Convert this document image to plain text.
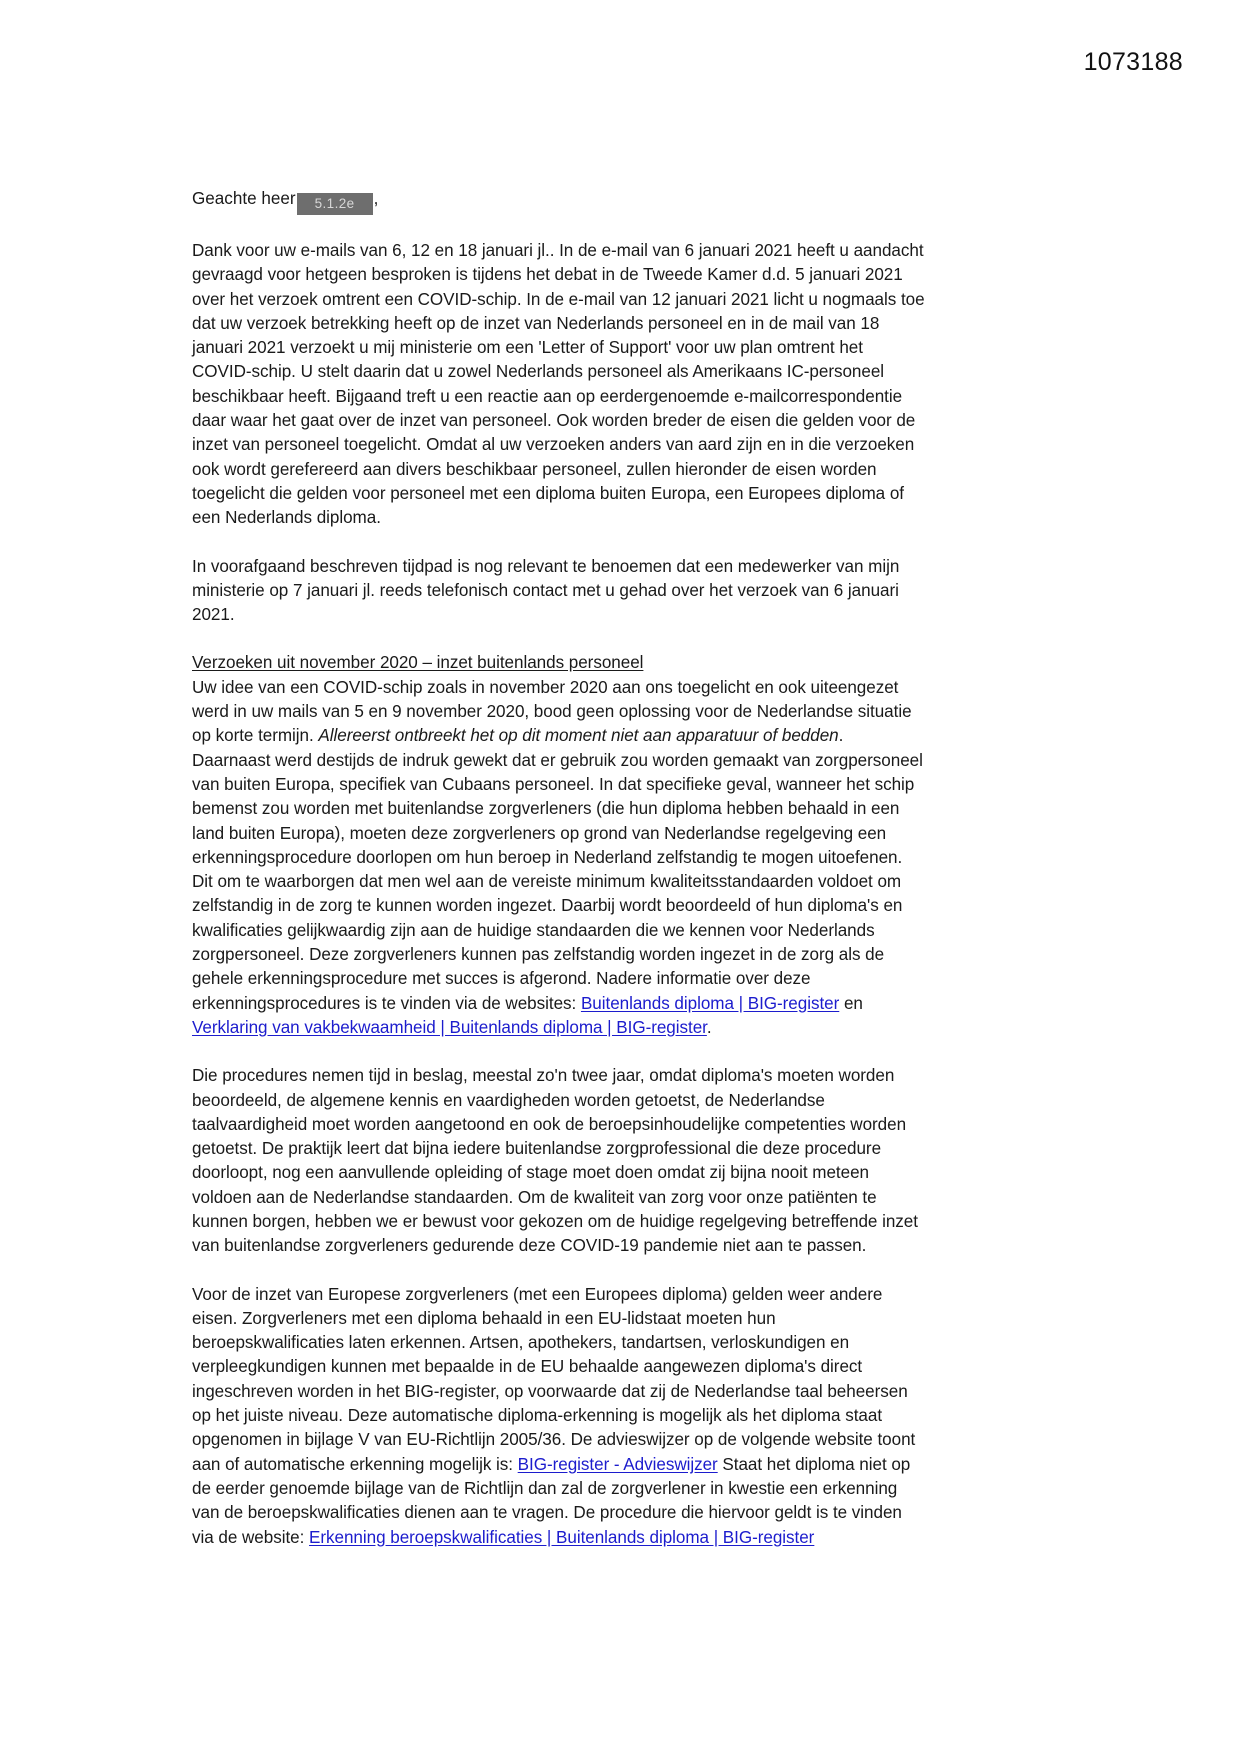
1073188
Geachte heer 5.1.2e ,

Dank voor uw e-mails van 6, 12 en 18 januari jl.. In de e-mail van 6 januari 2021 heeft u aandacht gevraagd voor hetgeen besproken is tijdens het debat in de Tweede Kamer d.d. 5 januari 2021 over het verzoek omtrent een COVID-schip. In de e-mail van 12 januari 2021 licht u nogmaals toe dat uw verzoek betrekking heeft op de inzet van Nederlands personeel en in de mail van 18 januari 2021 verzoekt u mij ministerie om een 'Letter of Support' voor uw plan omtrent het COVID-schip. U stelt daarin dat u zowel Nederlands personeel als Amerikaans IC-personeel beschikbaar heeft. Bijgaand treft u een reactie aan op eerdergenoemde e-mailcorrespondentie daar waar het gaat over de inzet van personeel. Ook worden breder de eisen die gelden voor de inzet van personeel toegelicht. Omdat al uw verzoeken anders van aard zijn en in die verzoeken ook wordt gerefereerd aan divers beschikbaar personeel, zullen hieronder de eisen worden toegelicht die gelden voor personeel met een diploma buiten Europa, een Europees diploma of een Nederlands diploma.

In voorafgaand beschreven tijdpad is nog relevant te benoemen dat een medewerker van mijn ministerie op 7 januari jl. reeds telefonisch contact met u gehad over het verzoek van 6 januari 2021.

Verzoeken uit november 2020 – inzet buitenlands personeel

Uw idee van een COVID-schip zoals in november 2020 aan ons toegelicht en ook uiteengezet werd in uw mails van 5 en 9 november 2020, bood geen oplossing voor de Nederlandse situatie op korte termijn. Allereerst ontbreekt het op dit moment niet aan apparatuur of bedden. Daarnaast werd destijds de indruk gewekt dat er gebruik zou worden gemaakt van zorgpersoneel van buiten Europa, specifiek van Cubaans personeel. In dat specifieke geval, wanneer het schip bemenst zou worden met buitenlandse zorgverleners (die hun diploma hebben behaald in een land buiten Europa), moeten deze zorgverleners op grond van Nederlandse regelgeving een erkenningsprocedure doorlopen om hun beroep in Nederland zelfstandig te mogen uitoefenen. Dit om te waarborgen dat men wel aan de vereiste minimum kwaliteitsstandaarden voldoet om zelfstandig in de zorg te kunnen worden ingezet. Daarbij wordt beoordeeld of hun diploma's en kwalificaties gelijkwaardig zijn aan de huidige standaarden die we kennen voor Nederlands zorgpersoneel. Deze zorgverleners kunnen pas zelfstandig worden ingezet in de zorg als de gehele erkenningsprocedure met succes is afgerond. Nadere informatie over deze erkenningsprocedures is te vinden via de websites: Buitenlands diploma | BIG-register en Verklaring van vakbekwaamheid | Buitenlands diploma | BIG-register.

Die procedures nemen tijd in beslag, meestal zo'n twee jaar, omdat diploma's moeten worden beoordeeld, de algemene kennis en vaardigheden worden getoetst, de Nederlandse taalvaardigheid moet worden aangetoond en ook de beroepsinhoudelijke competenties worden getoetst. De praktijk leert dat bijna iedere buitenlandse zorgprofessional die deze procedure doorloopt, nog een aanvullende opleiding of stage moet doen omdat zij bijna nooit meteen voldoen aan de Nederlandse standaarden. Om de kwaliteit van zorg voor onze patiënten te kunnen borgen, hebben we er bewust voor gekozen om de huidige regelgeving betreffende inzet van buitenlandse zorgverleners gedurende deze COVID-19 pandemie niet aan te passen.

Voor de inzet van Europese zorgverleners (met een Europees diploma) gelden weer andere eisen. Zorgverleners met een diploma behaald in een EU-lidstaat moeten hun beroepskwalificaties laten erkennen. Artsen, apothekers, tandartsen, verloskundigen en verpleegkundigen kunnen met bepaalde in de EU behaalde aangewezen diploma's direct ingeschreven worden in het BIG-register, op voorwaarde dat zij de Nederlandse taal beheersen op het juiste niveau. Deze automatische diploma-erkenning is mogelijk als het diploma staat opgenomen in bijlage V van EU-Richtlijn 2005/36. De advieswijzer op de volgende website toont aan of automatische erkenning mogelijk is: BIG-register - Adviesw​ijzer Staat het diploma niet op de eerder genoemde bijlage van de Richtlijn dan zal de zorgverlener in kwestie een erkenning van de beroepskwalificaties dienen aan te vragen. De procedure die hiervoor geldt is te vinden via de website: Erkenning beroepskwalificaties | Buitenlands diploma | BIG-register
